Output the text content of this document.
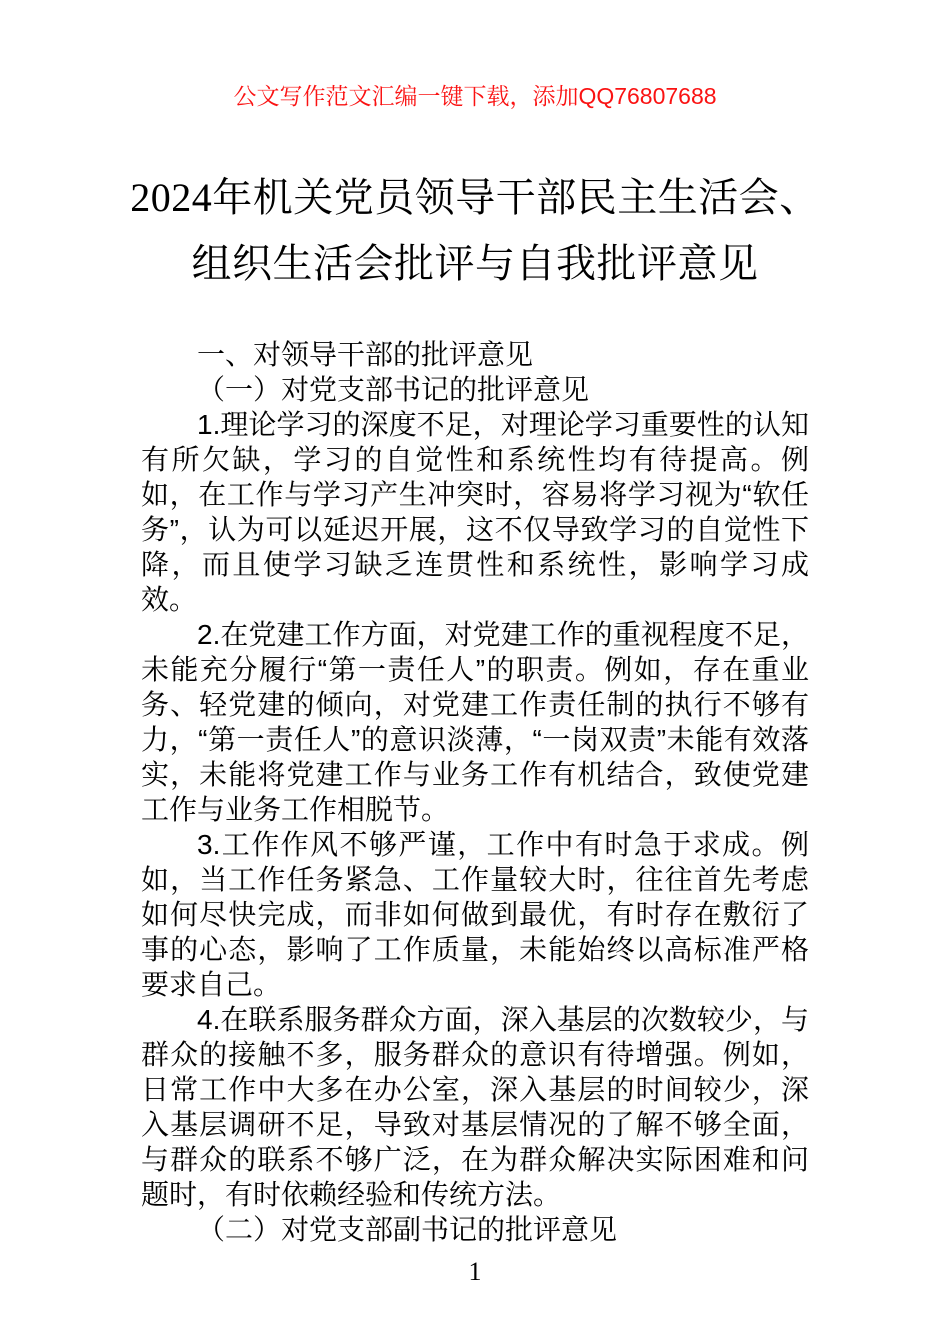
公文写作范文汇编一键下载，添加QQ76807688
2024年机关党员领导干部民主生活会、组织生活会批评与自我批评意见

一、对领导干部的批评意见

（一）对党支部书记的批评意见

1.理论学习的深度不足，对理论学习重要性的认知有所欠缺，学习的自觉性和系统性均有待提高。例如，在工作与学习产生冲突时，容易将学习视为“软任务”，认为可以延迟开展，这不仅导致学习的自觉性下降，而且使学习缺乏连贯性和系统性，影响学习成效。

2.在党建工作方面，对党建工作的重视程度不足，未能充分履行“第一责任人”的职责。例如，存在重业务、轻党建的倾向，对党建工作责任制的执行不够有力，“第一责任人”的意识淡薄，“一岗双责”未能有效落实，未能将党建工作与业务工作有机结合，致使党建工作与业务工作相脱节。

3.工作作风不够严谨，工作中有时急于求成。例如，当工作任务紧急、工作量较大时，往往首先考虑如何尽快完成，而非如何做到最优，有时存在敷衍了事的心态，影响了工作质量，未能始终以高标准严格要求自己。

4.在联系服务群众方面，深入基层的次数较少，与群众的接触不多，服务群众的意识有待增强。例如，日常工作中大多在办公室，深入基层的时间较少，深入基层调研不足，导致对基层情况的了解不够全面，与群众的联系不够广泛，在为群众解决实际困难和问题时，有时依赖经验和传统方法。

（二）对党支部副书记的批评意见

1
